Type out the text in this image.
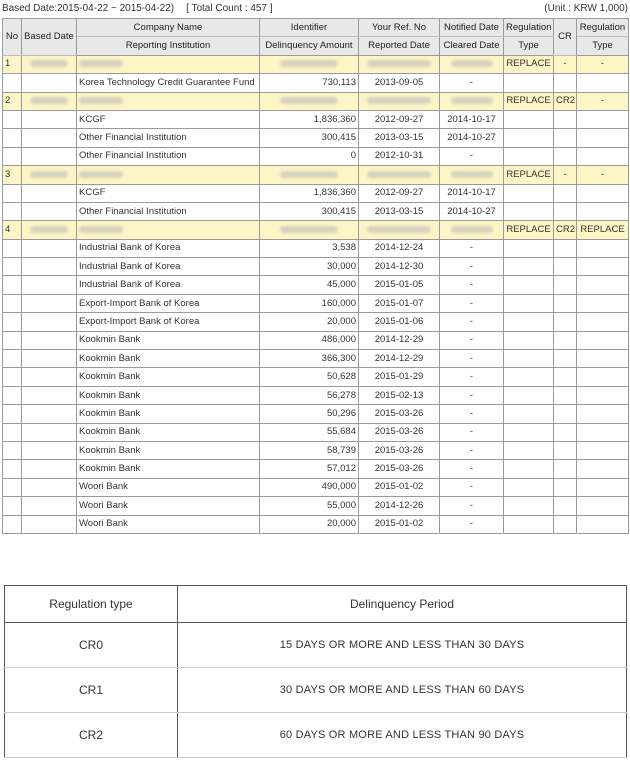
Based Date:2015-04-22 ~ 2015-04-22) [ Total Count : 457 ]	(Unit : KRW 1,000)
No	Based Date	Company Name	Identifier	Your Ref. No	Notified Date	Regulation	CR	Regulation
		Reporting Institution	Delinquency Amount	Reported Date	Cleared Date	Type		Type
1						REPLACE	-	-
		Korea Technology Credit Guarantee Fund	730,113	2013-09-05	-			
2						REPLACE	CR2	-
		KCGF	1,836,360	2012-09-27	2014-10-17			
		Other Financial Institution	300,415	2013-03-15	2014-10-27			
		Other Financial Institution	0	2012-10-31	-			
3						REPLACE	-	-
		KCGF	1,836,360	2012-09-27	2014-10-17			
		Other Financial Institution	300,415	2013-03-15	2014-10-27			
4						REPLACE	CR2	REPLACE
		Industrial Bank of Korea	3,538	2014-12-24	-			
		Industrial Bank of Korea	30,000	2014-12-30	-			
		Industrial Bank of Korea	45,000	2015-01-05	-			
		Export-Import Bank of Korea	160,000	2015-01-07	-			
		Export-Import Bank of Korea	20,000	2015-01-06	-			
		Kookmin Bank	486,000	2014-12-29	-			
		Kookmin Bank	366,300	2014-12-29	-			
		Kookmin Bank	50,628	2015-01-29	-			
		Kookmin Bank	56,278	2015-02-13	-			
		Kookmin Bank	50,296	2015-03-26	-			
		Kookmin Bank	55,684	2015-03-26	-			
		Kookmin Bank	58,739	2015-03-26	-			
		Kookmin Bank	57,012	2015-03-26	-			
		Woori Bank	490,000	2015-01-02	-			
		Woori Bank	55,000	2014-12-26	-			
		Woori Bank	20,000	2015-01-02	-			
Regulation type	Delinquency Period
CR0	15 DAYS OR MORE AND LESS THAN 30 DAYS
CR1	30 DAYS OR MORE AND LESS THAN 60 DAYS
CR2	60 DAYS OR MORE AND LESS THAN 90 DAYS
